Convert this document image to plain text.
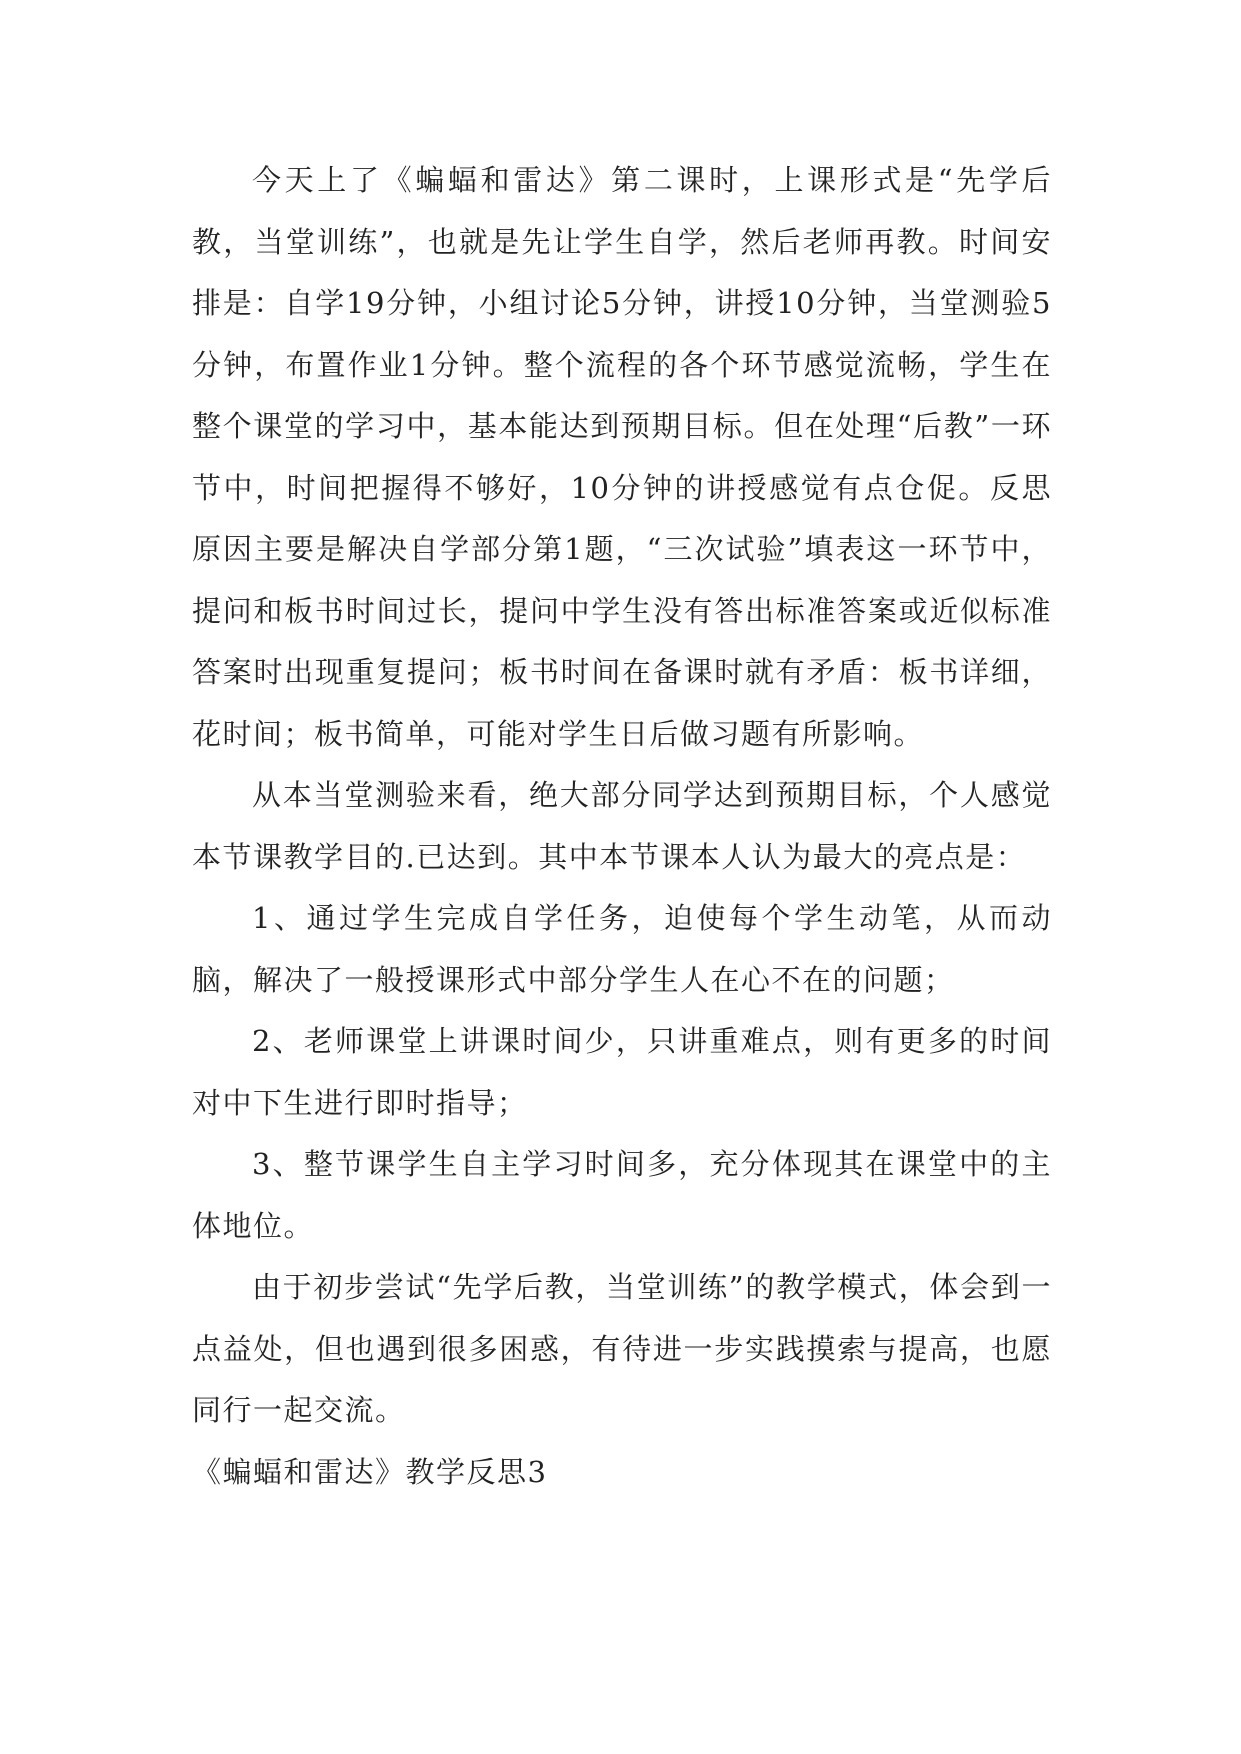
今天上了《蝙蝠和雷达》第二课时，上课形式是“先学后教，当堂训练”，也就是先让学生自学，然后老师再教。时间安排是：自学19分钟，小组讨论5分钟，讲授10分钟，当堂测验5分钟，布置作业1分钟。整个流程的各个环节感觉流畅，学生在整个课堂的学习中，基本能达到预期目标。但在处理“后教”一环节中，时间把握得不够好，10分钟的讲授感觉有点仓促。反思原因主要是解决自学部分第1题，“三次试验”填表这一环节中，提问和板书时间过长，提问中学生没有答出标准答案或近似标准答案时出现重复提问；板书时间在备课时就有矛盾：板书详细，花时间；板书简单，可能对学生日后做习题有所影响。

从本当堂测验来看，绝大部分同学达到预期目标，个人感觉本节课教学目的.已达到。其中本节课本人认为最大的亮点是：

1、通过学生完成自学任务，迫使每个学生动笔，从而动脑，解决了一般授课形式中部分学生人在心不在的问题；

2、老师课堂上讲课时间少，只讲重难点，则有更多的时间对中下生进行即时指导；

3、整节课学生自主学习时间多，充分体现其在课堂中的主体地位。

由于初步尝试“先学后教，当堂训练”的教学模式，体会到一点益处，但也遇到很多困惑，有待进一步实践摸索与提高，也愿同行一起交流。

《蝙蝠和雷达》教学反思3
